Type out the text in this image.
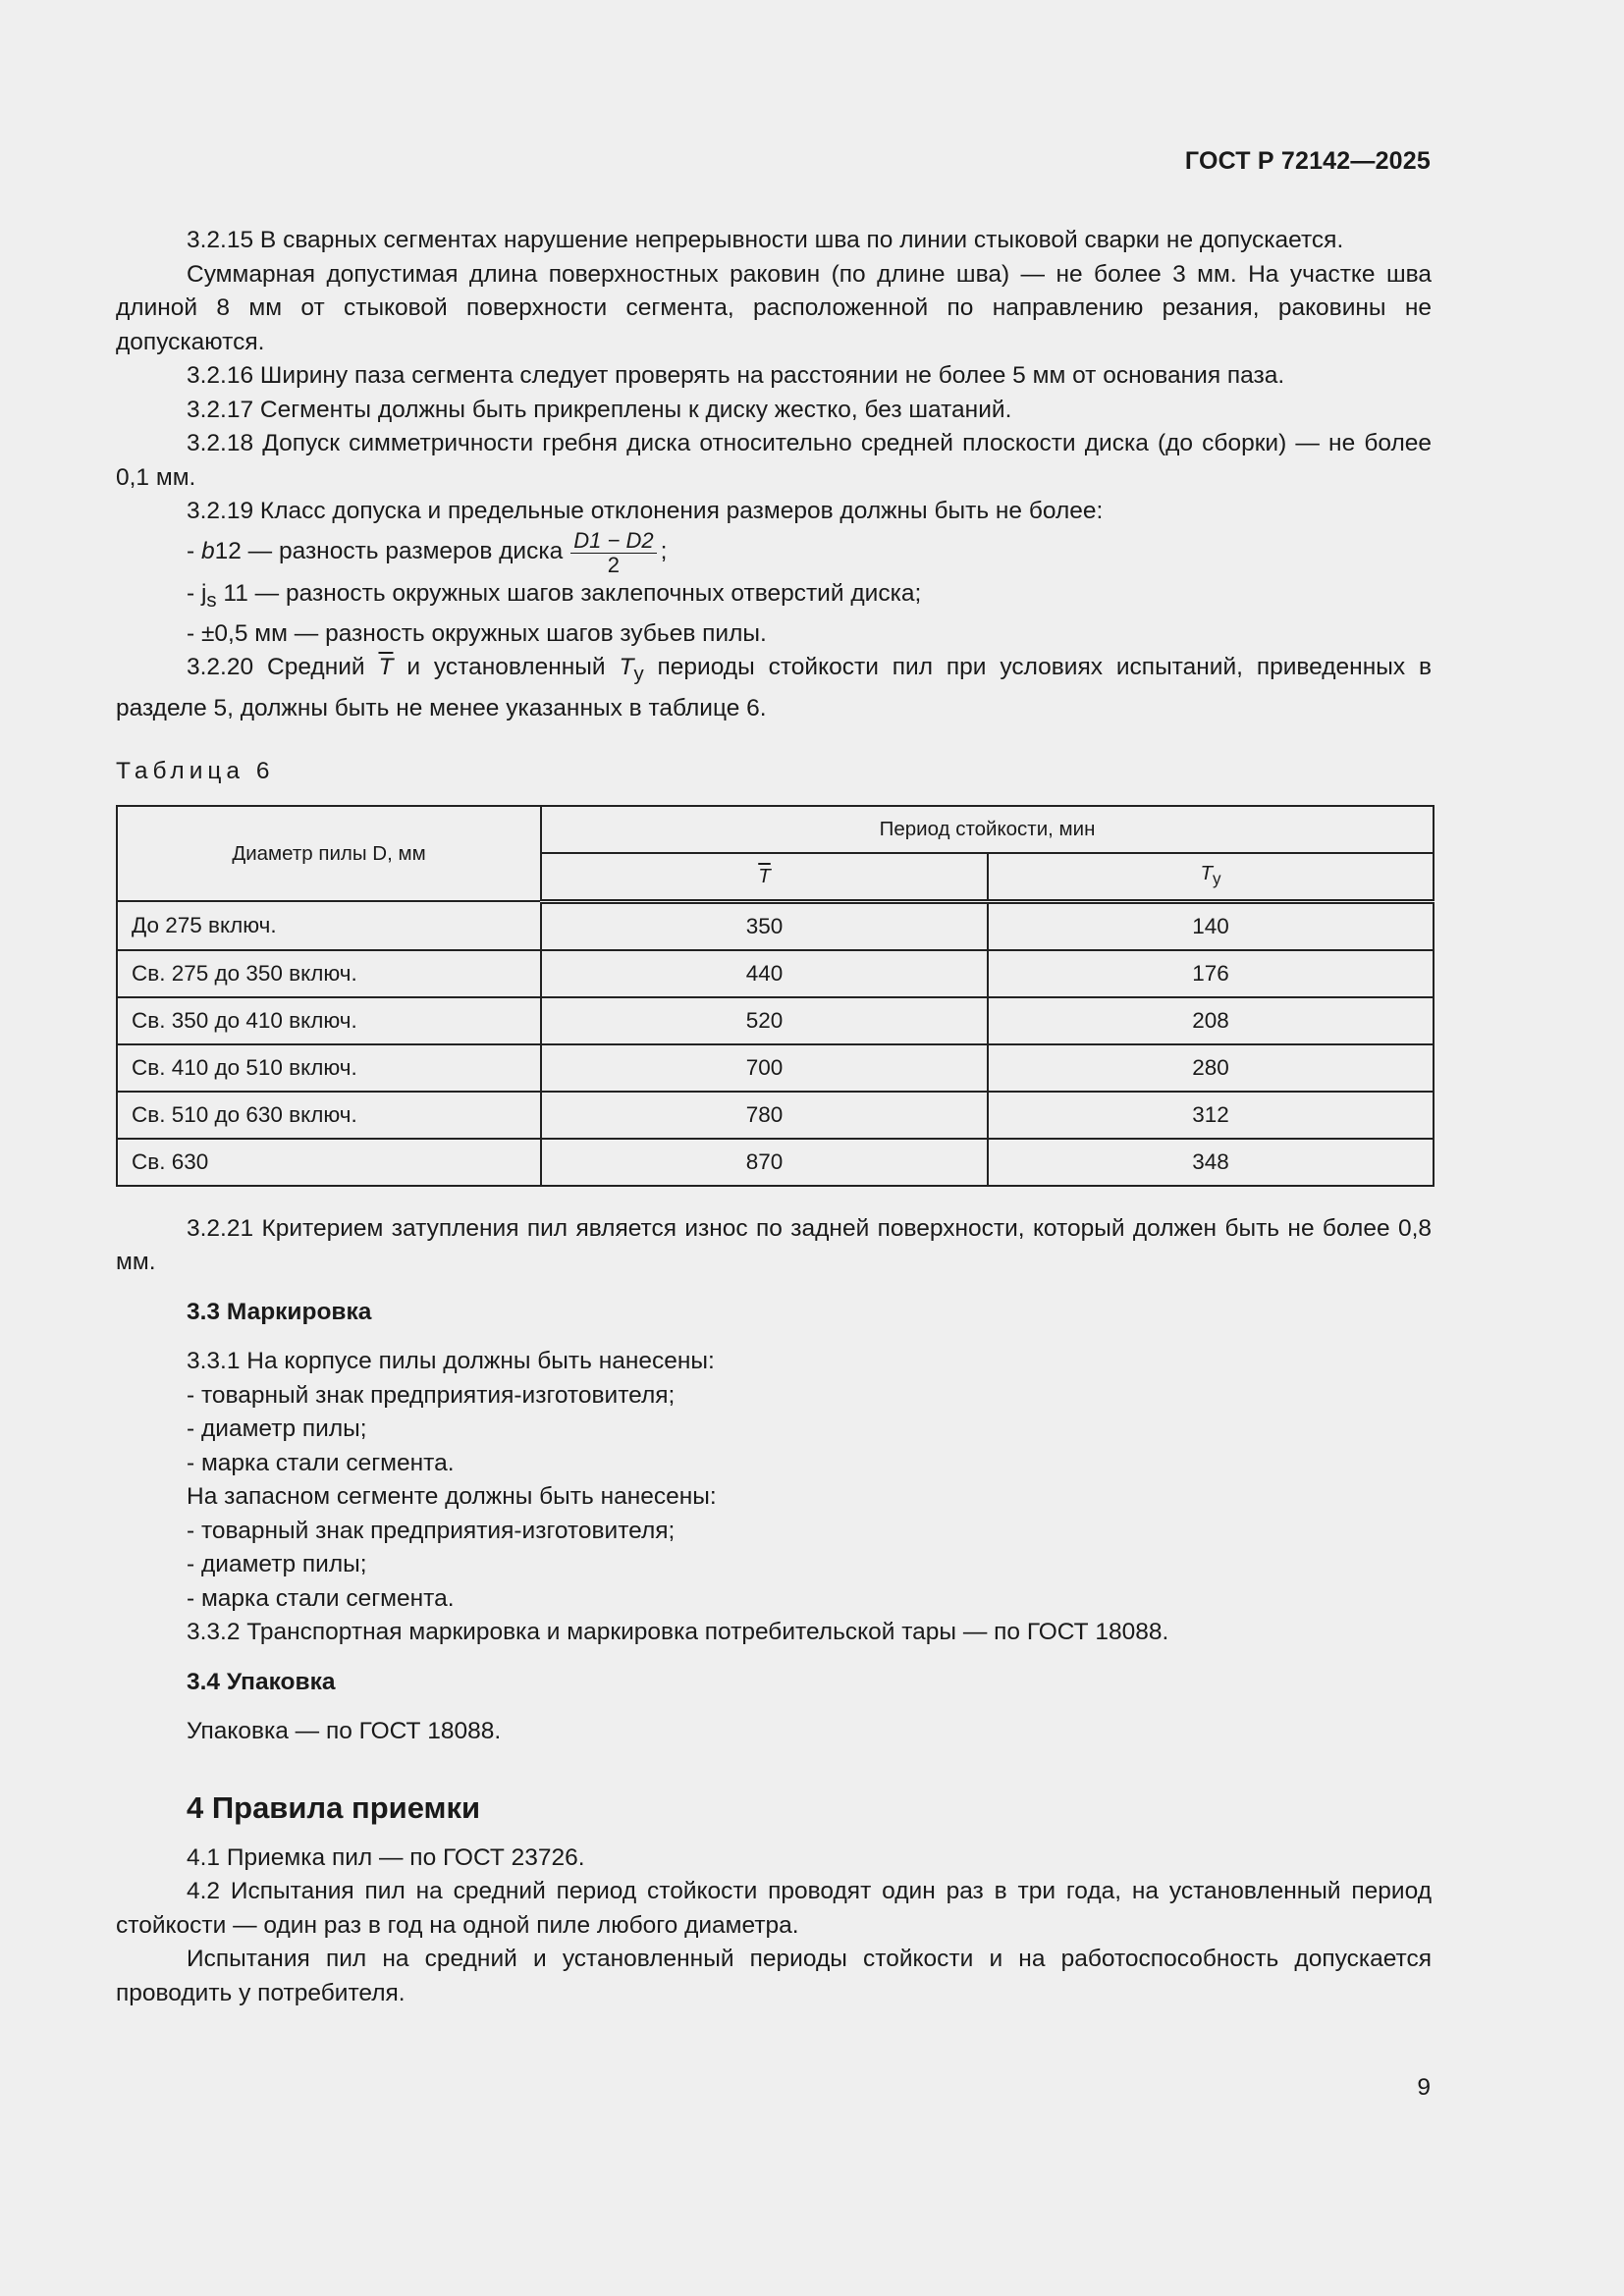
ГОСТ Р 72142—2025

3.2.15 В сварных сегментах нарушение непрерывности шва по линии стыковой сварки не допускается.

Суммарная допустимая длина поверхностных раковин (по длине шва) — не более 3 мм. На участке шва длиной 8 мм от стыковой поверхности сегмента, расположенной по направлению резания, раковины не допускаются.

3.2.16 Ширину паза сегмента следует проверять на расстоянии не более 5 мм от основания паза.

3.2.17 Сегменты должны быть прикреплены к диску жестко, без шатаний.

3.2.18 Допуск симметричности гребня диска относительно средней плоскости диска (до сборки) — не более 0,1 мм.

3.2.19 Класс допуска и предельные отклонения размеров должны быть не более:

- b12 — разность размеров диска $\frac{D1 - D2}{2}$ ;

- $j_s$ 11 — разность окружных шагов заклепочных отверстий диска;

- ±0,5 мм — разность окружных шагов зубьев пилы.

3.2.20 Средний $\overline{T}$ и установленный $T_у$ периоды стойкости пил при условиях испытаний, приведенных в разделе 5, должны быть не менее указанных в таблице 6.

Таблица 6

Диаметр пилы D, мм	Период стойкости, мин	
	$\overline{T}$	$T_у$
До 275 включ.	350	140
Св. 275 до 350 включ.	440	176
Св. 350 до 410 включ.	520	208
Св. 410 до 510 включ.	700	280
Св. 510 до 630 включ.	780	312
Св. 630	870	348

3.2.21 Критерием затупления пил является износ по задней поверхности, который должен быть не более 0,8 мм.

3.3 Маркировка

3.3.1 На корпусе пилы должны быть нанесены:

- товарный знак предприятия-изготовителя;

- диаметр пилы;

- марка стали сегмента.

На запасном сегменте должны быть нанесены:

- товарный знак предприятия-изготовителя;

- диаметр пилы;

- марка стали сегмента.

3.3.2 Транспортная маркировка и маркировка потребительской тары — по ГОСТ 18088.

3.4 Упаковка

Упаковка — по ГОСТ 18088.

4 Правила приемки

4.1 Приемка пил — по ГОСТ 23726.

4.2 Испытания пил на средний период стойкости проводят один раз в три года, на установленный период стойкости — один раз в год на одной пиле любого диаметра.

Испытания пил на средний и установленный периоды стойкости и на работоспособность допускается проводить у потребителя.

9
